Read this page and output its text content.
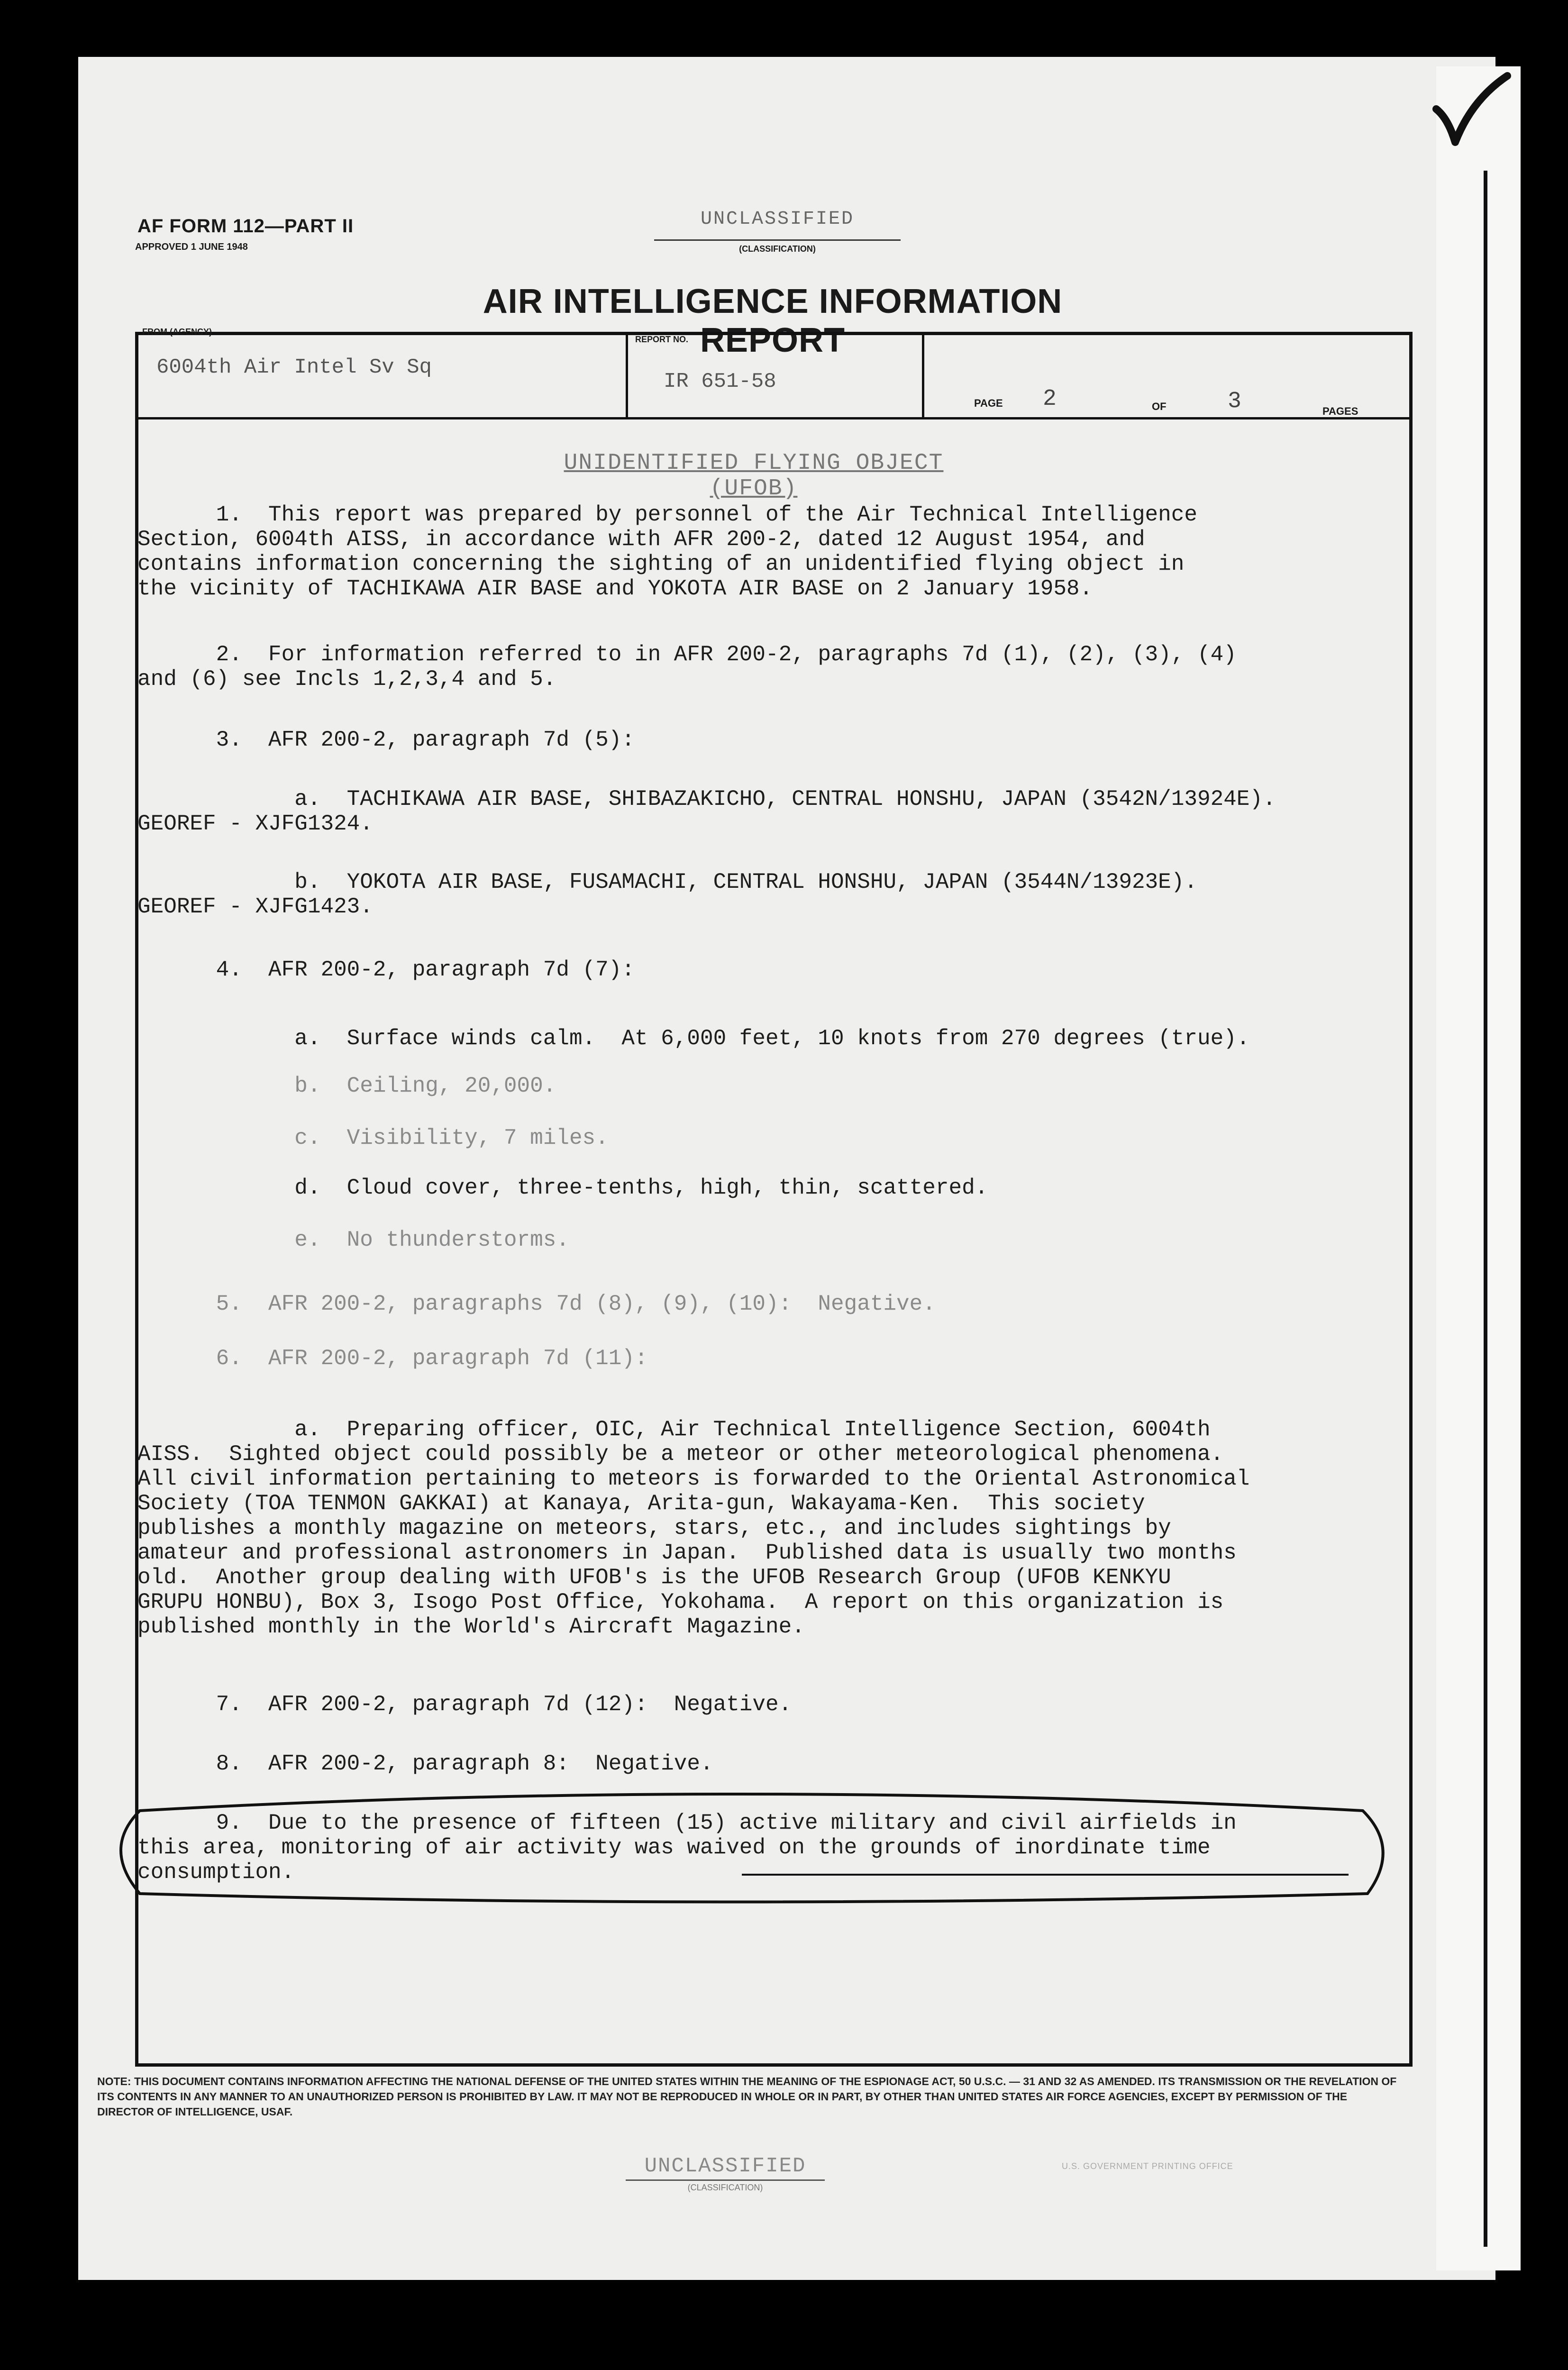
AF FORM 112—PART II
APPROVED 1 JUNE 1948
UNCLASSIFIED
(CLASSIFICATION)
AIR INTELLIGENCE INFORMATION REPORT
FROM (AGENCY)
6004th Air Intel Sv Sq
REPORT NO.
IR 651-58
PAGE 2	OF	3	PAGES
UNIDENTIFIED FLYING OBJECT (UFOB)
1.  This report was prepared by personnel of the Air Technical Intelligence
Section, 6004th AISS, in accordance with AFR 200-2, dated 12 August 1954, and
contains information concerning the sighting of an unidentified flying object in
the vicinity of TACHIKAWA AIR BASE and YOKOTA AIR BASE on 2 January 1958.
2.  For information referred to in AFR 200-2, paragraphs 7d (1), (2), (3), (4)
and (6) see Incls 1,2,3,4 and 5.
3.  AFR 200-2, paragraph 7d (5):
a.  TACHIKAWA AIR BASE, SHIBAZAKICHO, CENTRAL HONSHU, JAPAN (3542N/13924E).
GEOREF - XJFG1324.
b.  YOKOTA AIR BASE, FUSAMACHI, CENTRAL HONSHU, JAPAN (3544N/13923E).
GEOREF - XJFG1423.
4.  AFR 200-2, paragraph 7d (7):
a.  Surface winds calm.  At 6,000 feet, 10 knots from 270 degrees (true).
b.  Ceiling, 20,000.
c.  Visibility, 7 miles.
d.  Cloud cover, three-tenths, high, thin, scattered.
e.  No thunderstorms.
5.  AFR 200-2, paragraphs 7d (8), (9), (10):  Negative.
6.  AFR 200-2, paragraph 7d (11):
a.  Preparing officer, OIC, Air Technical Intelligence Section, 6004th
AISS.  Sighted object could possibly be a meteor or other meteorological phenomena.
All civil information pertaining to meteors is forwarded to the Oriental Astronomical
Society (TOA TENMON GAKKAI) at Kanaya, Arita-gun, Wakayama-Ken.  This society
publishes a monthly magazine on meteors, stars, etc., and includes sightings by
amateur and professional astronomers in Japan.  Published data is usually two months
old.  Another group dealing with UFOB's is the UFOB Research Group (UFOB KENKYU
GRUPU HONBU), Box 3, Isogo Post Office, Yokohama.  A report on this organization is
published monthly in the World's Aircraft Magazine.
7.  AFR 200-2, paragraph 7d (12):  Negative.
8.  AFR 200-2, paragraph 8:  Negative.
9.  Due to the presence of fifteen (15) active military and civil airfields in
this area, monitoring of air activity was waived on the grounds of inordinate time
consumption.
NOTE: THIS DOCUMENT CONTAINS INFORMATION AFFECTING THE NATIONAL DEFENSE OF THE UNITED STATES WITHIN THE MEANING OF THE ESPIONAGE ACT, 50 U.S.C. — 31 AND 32 AS AMENDED. ITS TRANSMISSION OR THE REVELATION OF ITS CONTENTS IN ANY MANNER TO AN UNAUTHORIZED PERSON IS PROHIBITED BY LAW. IT MAY NOT BE REPRODUCED IN WHOLE OR IN PART, BY OTHER THAN UNITED STATES AIR FORCE AGENCIES, EXCEPT BY PERMISSION OF THE DIRECTOR OF INTELLIGENCE, USAF.
UNCLASSIFIED
(CLASSIFICATION)
U.S. GOVERNMENT PRINTING OFFICE
